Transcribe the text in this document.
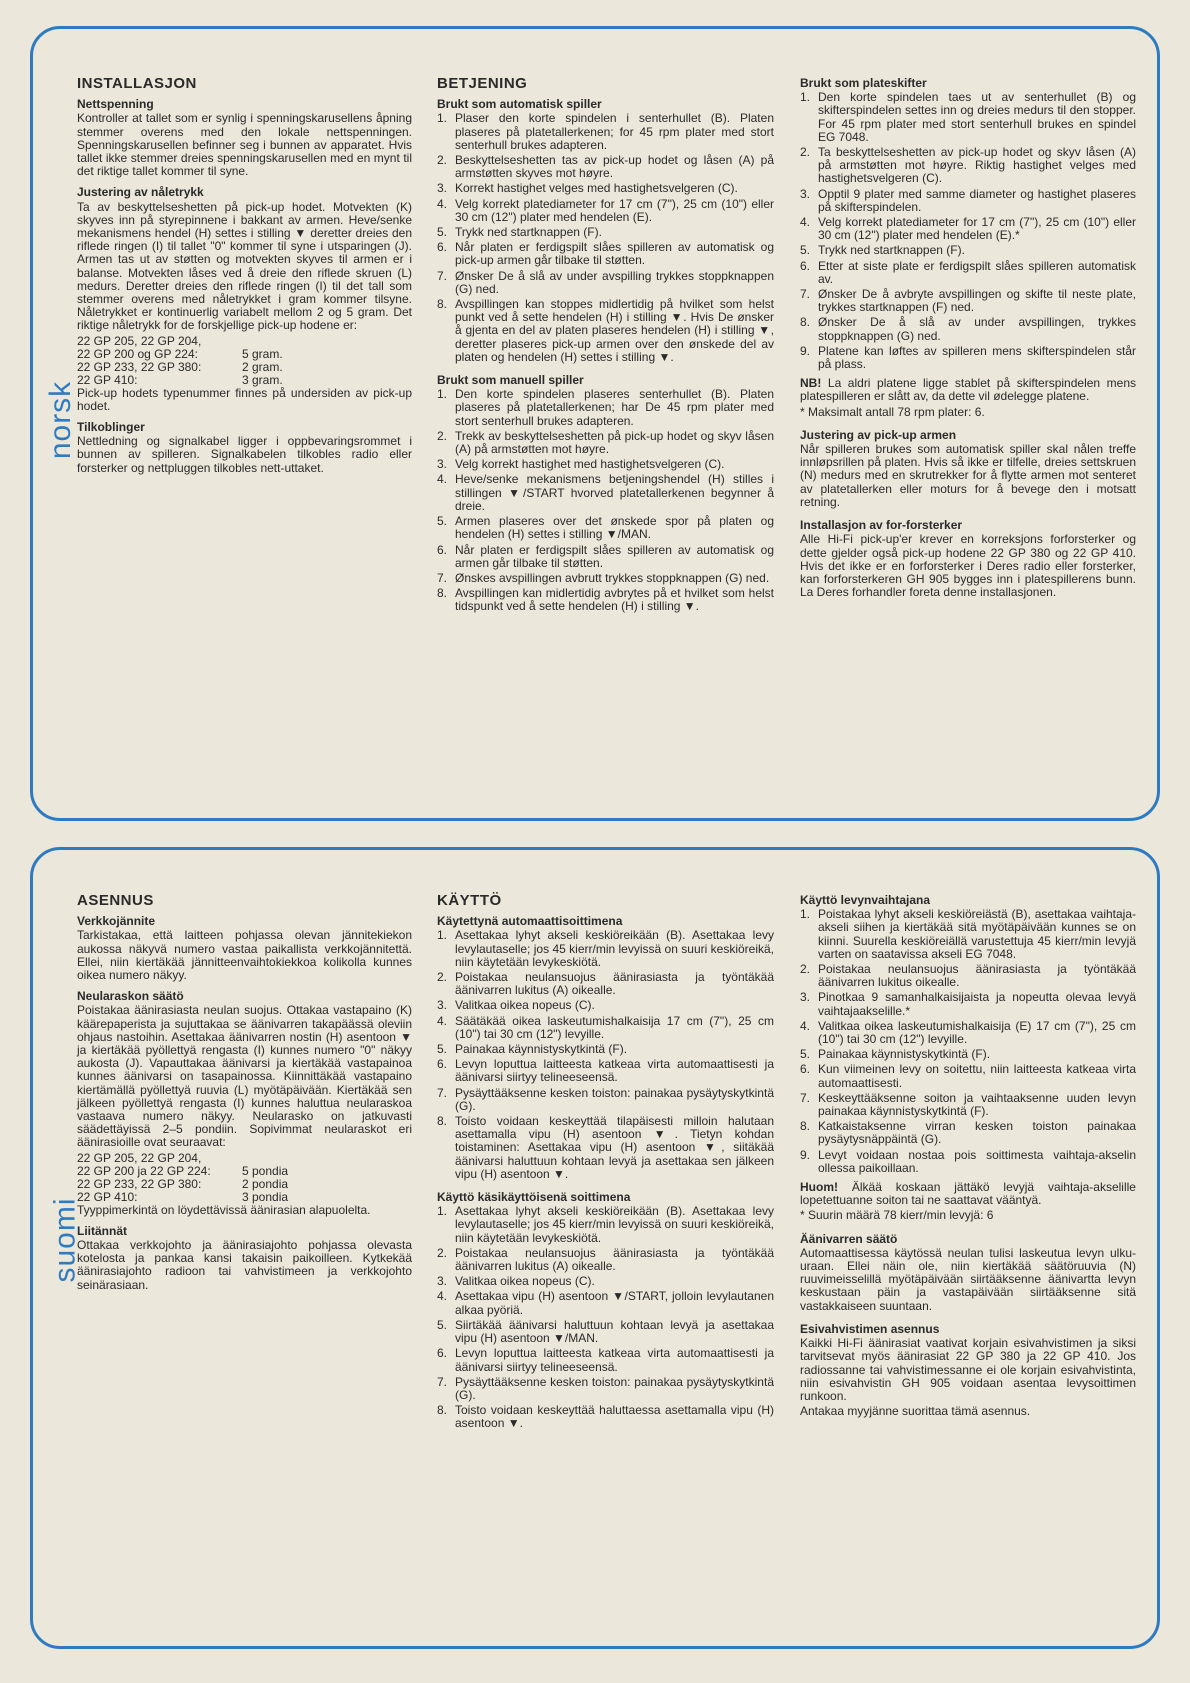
norsk
INSTALLASJON
Nettspenning

Kontroller at tallet som er synlig i spenningskarusellens åpning stemmer overens med den lokale nettspenningen. Spenningskarusellen befinner seg i bunnen av apparatet. Hvis tallet ikke stemmer dreies spenningskarusellen med en mynt til det riktige tallet kommer til syne.

Justering av nåletrykk

Ta av beskyttelseshetten på pick-up hodet. Motvekten (K) skyves inn på styrepinnene i bakkant av armen. Heve/senke mekanismens hendel (H) settes i stilling ▼ deretter dreies den riflede ringen (I) til tallet "0" kommer til syne i utsparingen (J). Armen tas ut av støtten og motvekten skyves til armen er i balanse. Motvekten låses ved å dreie den riflede skruen (L) medurs. Deretter dreies den riflede ringen (I) til det tall som stemmer overens med nåletrykket i gram kommer tilsyne. Nåletrykket er kontinuerlig variabelt mellom 2 og 5 gram. Det riktige nåletrykk for de forskjellige pick-up hodene er:

22 GP 205, 22 GP 204,	
22 GP 200 og GP 224:	5 gram.
22 GP 233, 22 GP 380:	2 gram.
22 GP 410:	3 gram.

Pick-up hodets typenummer finnes på undersiden av pick-up hodet.

Tilkoblinger

Nettledning og signalkabel ligger i oppbevaringsrommet i bunnen av spilleren. Signalkabelen tilkobles radio eller forsterker og nettpluggen tilkobles nett-uttaket.

BETJENING
Brukt som automatisk spiller
1. Plaser den korte spindelen i senterhullet (B). Platen plaseres på platetallerkenen; for 45 rpm plater med stort senterhull brukes adapteren.
2. Beskyttelseshetten tas av pick-up hodet og låsen (A) på armstøtten skyves mot høyre.
3. Korrekt hastighet velges med hastighetsvelgeren (C).
4. Velg korrekt platediameter for 17 cm (7"), 25 cm (10") eller 30 cm (12") plater med hendelen (E).
5. Trykk ned startknappen (F).
6. Når platen er ferdigspilt slåes spilleren av automatisk og pick-up armen går tilbake til støtten.
7. Ønsker De å slå av under avspilling trykkes stoppknappen (G) ned.
8. Avspillingen kan stoppes midlertidig på hvilket som helst punkt ved å sette hendelen (H) i stilling ▼. Hvis De ønsker å gjenta en del av platen plaseres hendelen (H) i stilling ▼, deretter plaseres pick-up armen over den ønskede del av platen og hendelen (H) settes i stilling ▼.
Brukt som manuell spiller
1. Den korte spindelen plaseres senterhullet (B). Platen plaseres på platetallerkenen; har De 45 rpm plater med stort senterhull brukes adapteren.
2. Trekk av beskyttelseshetten på pick-up hodet og skyv låsen (A) på armstøtten mot høyre.
3. Velg korrekt hastighet med hastighetsvelgeren (C).
4. Heve/senke mekanismens betjeningshendel (H) stilles i stillingen ▼/START hvorved platetallerkenen begynner å dreie.
5. Armen plaseres over det ønskede spor på platen og hendelen (H) settes i stilling ▼/MAN.
6. Når platen er ferdigspilt slåes spilleren av automatisk og armen går tilbake til støtten.
7. Ønskes avspillingen avbrutt trykkes stoppknappen (G) ned.
8. Avspillingen kan midlertidig avbrytes på et hvilket som helst tidspunkt ved å sette hendelen (H) i stilling ▼.
Brukt som plateskifter
1. Den korte spindelen taes ut av senterhullet (B) og skifterspindelen settes inn og dreies medurs til den stopper. For 45 rpm plater med stort senterhull brukes en spindel EG 7048.
2. Ta beskyttelseshetten av pick-up hodet og skyv låsen (A) på armstøtten mot høyre. Riktig hastighet velges med hastighetsvelgeren (C).
3. Opptil 9 plater med samme diameter og hastighet plaseres på skifterspindelen.
4. Velg korrekt platediameter for 17 cm (7"), 25 cm (10") eller 30 cm (12") plater med hendelen (E).*
5. Trykk ned startknappen (F).
6. Etter at siste plate er ferdigspilt slåes spilleren automatisk av.
7. Ønsker De å avbryte avspillingen og skifte til neste plate, trykkes startknappen (F) ned.
8. Ønsker De å slå av under avspillingen, trykkes stoppknappen (G) ned.
9. Platene kan løftes av spilleren mens skifterspindelen står på plass.

NB! La aldri platene ligge stablet på skifterspindelen mens platespilleren er slått av, da dette vil ødelegge platene.

* Maksimalt antall 78 rpm plater: 6.

Justering av pick-up armen

Når spilleren brukes som automatisk spiller skal nålen treffe innløpsrillen på platen. Hvis så ikke er tilfelle, dreies settskruen (N) medurs med en skrutrekker for å flytte armen mot senteret av platetallerken eller moturs for å bevege den i motsatt retning.

Installasjon av for-forsterker

Alle Hi-Fi pick-up'er krever en korreksjons forforsterker og dette gjelder også pick-up hodene 22 GP 380 og 22 GP 410. Hvis det ikke er en forforsterker i Deres radio eller forsterker, kan forforsterkeren GH 905 bygges inn i platespillerens bunn. La Deres forhandler foreta denne installasjonen.

suomi
ASENNUS
Verkkojännite

Tarkistakaa, että laitteen pohjassa olevan jännitekiekon aukossa näkyvä numero vastaa paikallista verkkojännitettä. Ellei, niin kiertäkää jännitteenvaihtokiekkoa kolikolla kunnes oikea numero näkyy.

Neularaskon säätö

Poistakaa äänirasiasta neulan suojus. Ottakaa vastapaino (K) käärepaperista ja sujuttakaa se äänivarren takapäässä oleviin ohjaus nastoihin. Asettakaa äänivarren nostin (H) asentoon ▼ ja kiertäkää pyöllettyä rengasta (I) kunnes numero "0" näkyy aukosta (J). Vapauttakaa äänivarsi ja kiertäkää vastapainoa kunnes äänivarsi on tasapainossa. Kiinnittäkää vastapaino kiertämällä pyöllettyä ruuvia (L) myötäpäivään. Kiertäkää sen jälkeen pyöllettyä rengasta (I) kunnes haluttua neularaskoa vastaava numero näkyy. Neularasko on jatkuvasti säädettäyissä 2–5 pondiin. Sopivimmat neularaskot eri äänirasioille ovat seuraavat:

22 GP 205, 22 GP 204,	
22 GP 200 ja 22 GP 224:	5 pondia
22 GP 233, 22 GP 380:	2 pondia
22 GP 410:	3 pondia

Tyyppimerkintä on löydettävissä äänirasian alapuolelta.

Liitännät

Ottakaa verkkojohto ja äänirasiajohto pohjassa olevasta kotelosta ja pankaa kansi takaisin paikoilleen. Kytkekää äänirasiajohto radioon tai vahvistimeen ja verkkojohto seinärasiaan.

KÄYTTÖ
Käytettynä automaattisoittimena
1. Asettakaa lyhyt akseli keskiöreikään (B). Asettakaa levy levylautaselle; jos 45 kierr/min levyissä on suuri keskiöreikä, niin käytetään levykeskiötä.
2. Poistakaa neulansuojus äänirasiasta ja työntäkää äänivarren lukitus (A) oikealle.
3. Valitkaa oikea nopeus (C).
4. Säätäkää oikea laskeutumishalkaisija 17 cm (7"), 25 cm (10") tai 30 cm (12") levyille.
5. Painakaa käynnistyskytkintä (F).
6. Levyn loputtua laitteesta katkeaa virta automaattisesti ja äänivarsi siirtyy telineeseensä.
7. Pysäyttääksenne kesken toiston: painakaa pysäytyskytkintä (G).
8. Toisto voidaan keskeyttää tilapäisesti milloin halutaan asettamalla vipu (H) asentoon ▼. Tietyn kohdan toistaminen: Asettakaa vipu (H) asentoon ▼, siitäkää äänivarsi haluttuun kohtaan levyä ja asettakaa sen jälkeen vipu (H) asentoon ▼.
Käyttö käsikäyttöisenä soittimena
1. Asettakaa lyhyt akseli keskiöreikään (B). Asettakaa levy levylautaselle; jos 45 kierr/min levyissä on suuri keskiöreikä, niin käytetään levykeskiötä.
2. Poistakaa neulansuojus äänirasiasta ja työntäkää äänivarren lukitus (A) oikealle.
3. Valitkaa oikea nopeus (C).
4. Asettakaa vipu (H) asentoon ▼/START, jolloin levylautanen alkaa pyöriä.
5. Siirtäkää äänivarsi haluttuun kohtaan levyä ja asettakaa vipu (H) asentoon ▼/MAN.
6. Levyn loputtua laitteesta katkeaa virta automaattisesti ja äänivarsi siirtyy telineeseensä.
7. Pysäyttääksenne kesken toiston: painakaa pysäytyskytkintä (G).
8. Toisto voidaan keskeyttää haluttaessa asettamalla vipu (H) asentoon ▼.
Käyttö levynvaihtajana
1. Poistakaa lyhyt akseli keskiöreiästä (B), asettakaa vaihtaja-akseli siihen ja kiertäkää sitä myötäpäivään kunnes se on kiinni. Suurella keskiöreiällä varustettuja 45 kierr/min levyjä varten on saatavissa akseli EG 7048.
2. Poistakaa neulansuojus äänirasiasta ja työntäkää äänivarren lukitus oikealle.
3. Pinotkaa 9 samanhalkaisijaista ja nopeutta olevaa levyä vaihtajaakselille.*
4. Valitkaa oikea laskeutumishalkaisija (E) 17 cm (7"), 25 cm (10") tai 30 cm (12") levyille.
5. Painakaa käynnistyskytkintä (F).
6. Kun viimeinen levy on soitettu, niin laitteesta katkeaa virta automaattisesti.
7. Keskeyttääksenne soiton ja vaihtaaksenne uuden levyn painakaa käynnistyskytkintä (F).
8. Katkaistaksenne virran kesken toiston painakaa pysäytysnäppäintä (G).
9. Levyt voidaan nostaa pois soittimesta vaihtaja-akselin ollessa paikoillaan.

Huom! Älkää koskaan jättäkö levyjä vaihtaja-akselille lopetettuanne soiton tai ne saattavat vääntyä.

* Suurin määrä 78 kierr/min levyjä: 6

Äänivarren säätö

Automaattisessa käytössä neulan tulisi laskeutua levyn ulku-uraan. Ellei näin ole, niin kiertäkää säätöruuvia (N) ruuvimeisselillä myötäpäivään siirtääksenne äänivartta levyn keskustaan päin ja vastapäivään siirtääksenne sitä vastakkaiseen suuntaan.

Esivahvistimen asennus

Kaikki Hi-Fi äänirasiat vaativat korjain esivahvistimen ja siksi tarvitsevat myös äänirasiat 22 GP 380 ja 22 GP 410. Jos radiossanne tai vahvistimessanne ei ole korjain esivahvistinta, niin esivahvistin GH 905 voidaan asentaa levysoittimen runkoon.

Antakaa myyjänne suorittaa tämä asennus.
